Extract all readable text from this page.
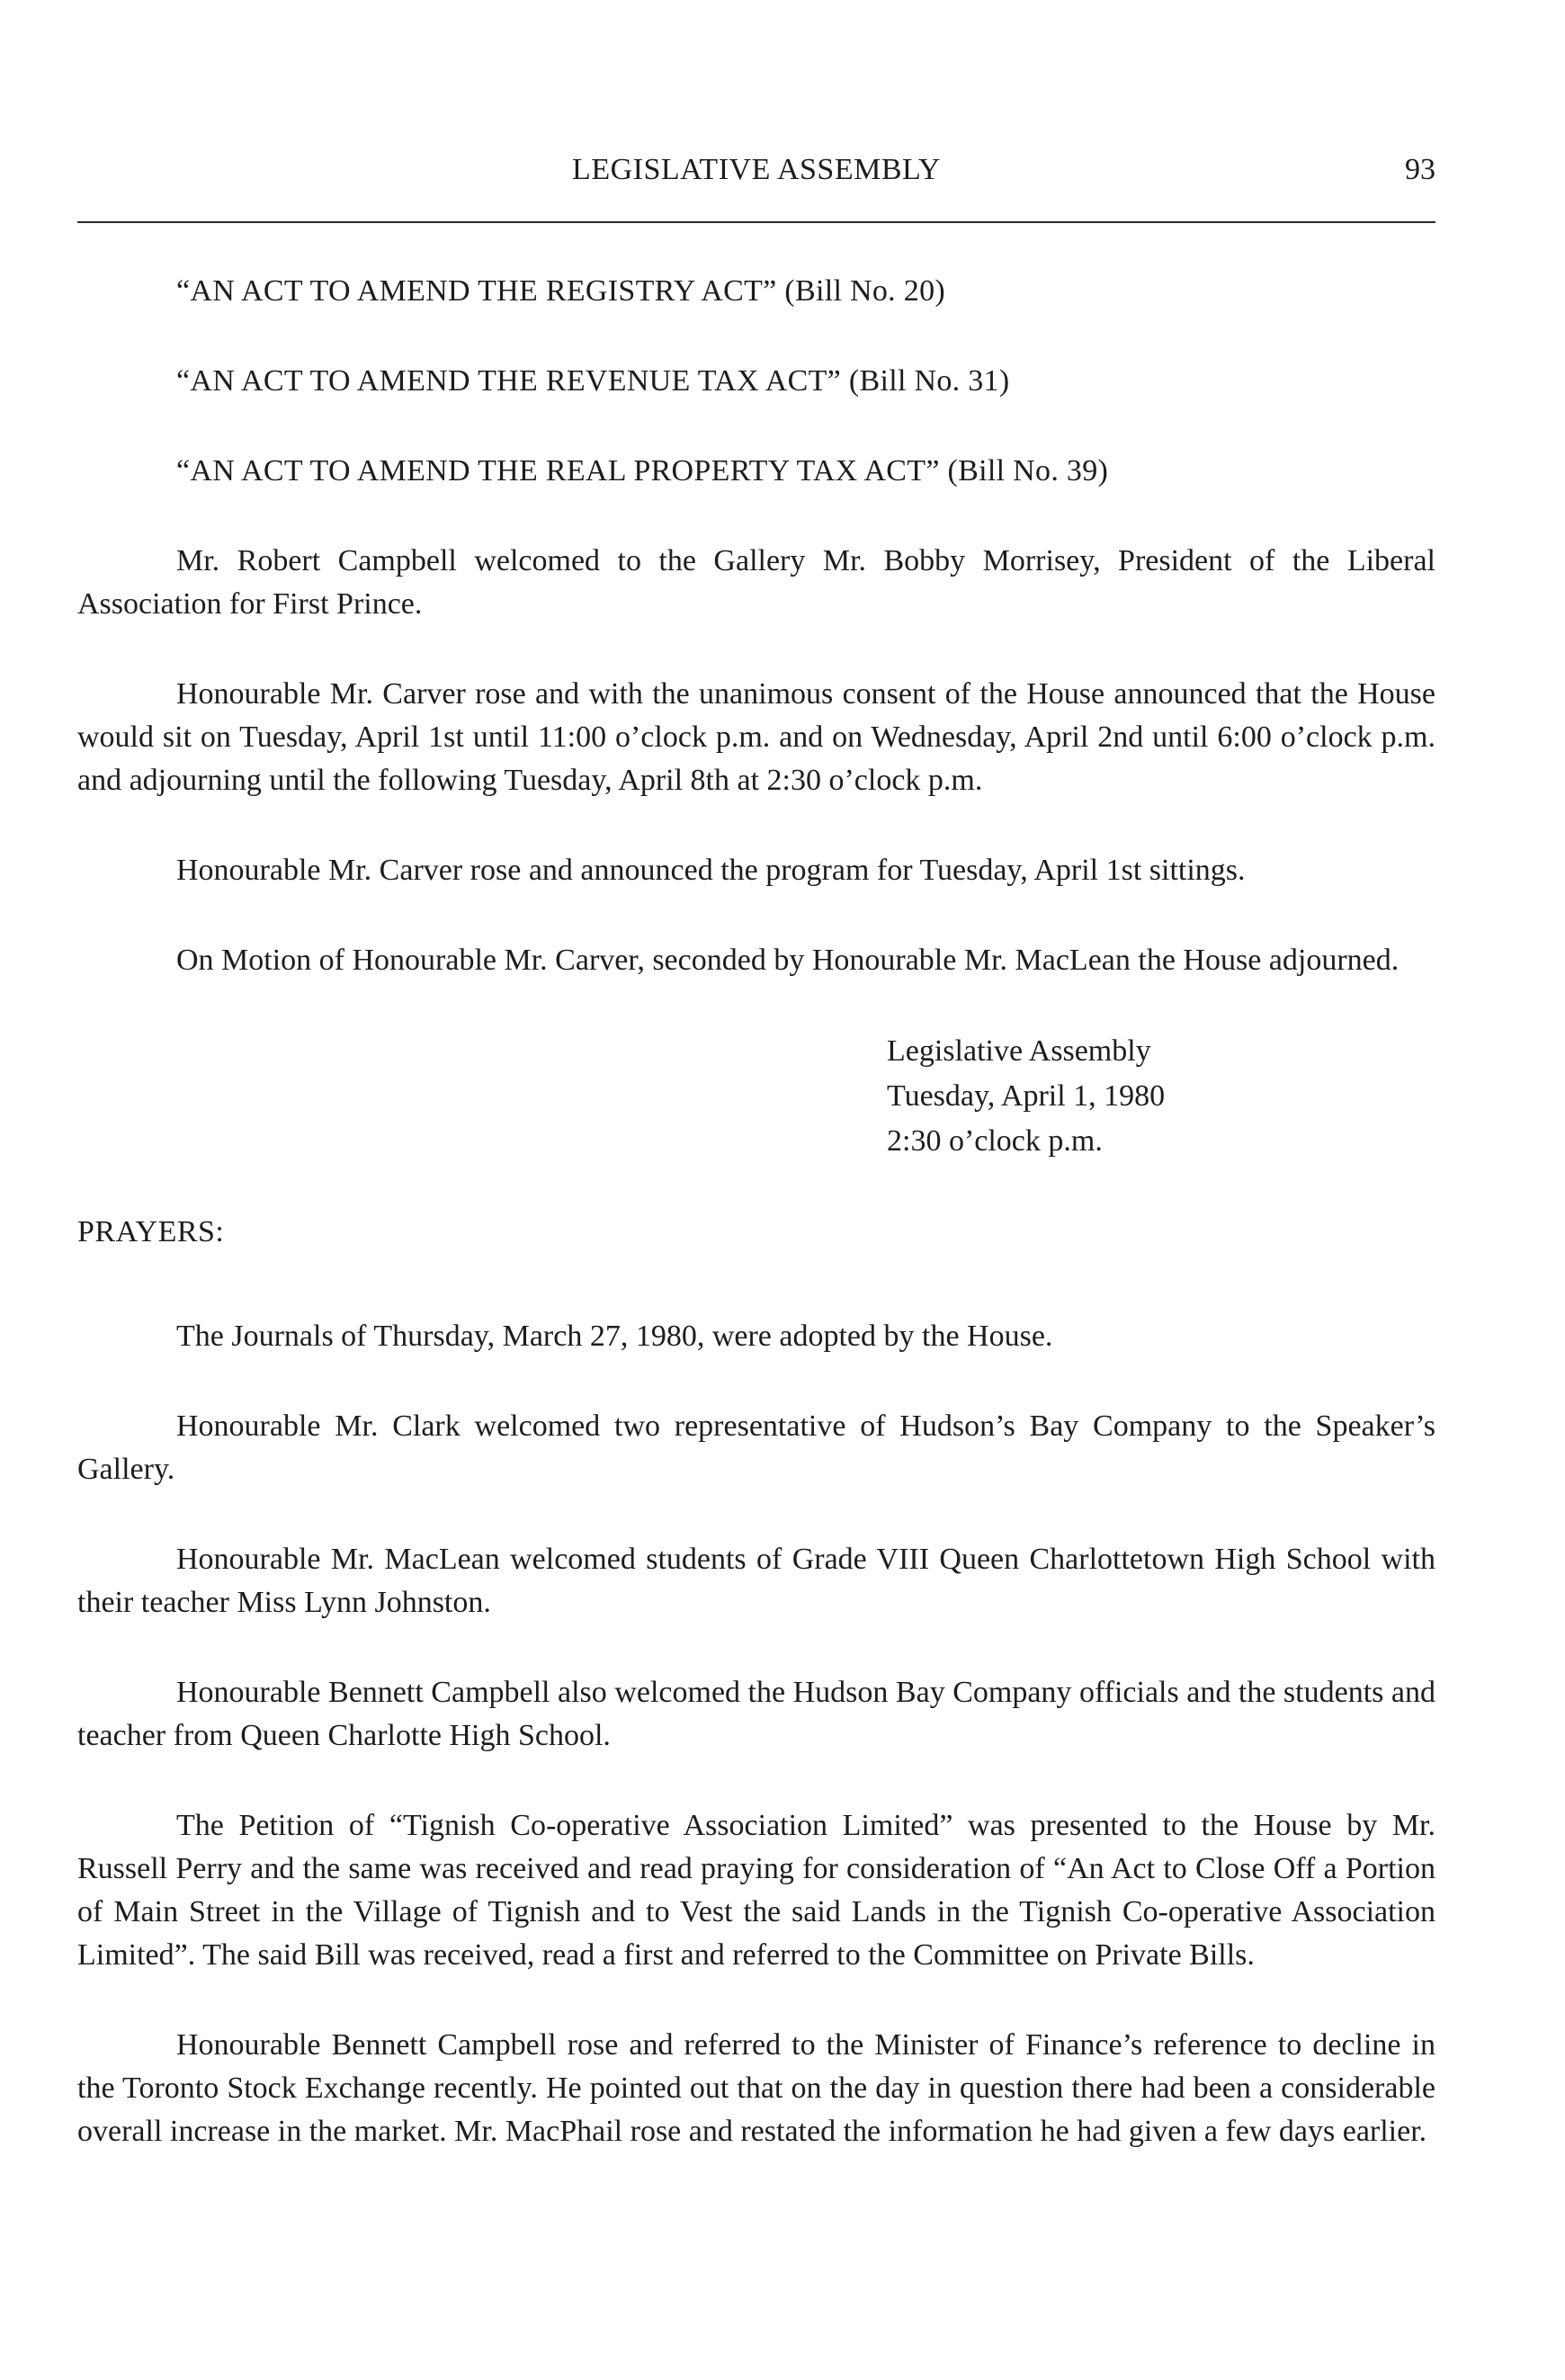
LEGISLATIVE ASSEMBLY	93
“AN ACT TO AMEND THE REGISTRY ACT” (Bill No. 20)
“AN ACT TO AMEND THE REVENUE TAX ACT” (Bill No. 31)
“AN ACT TO AMEND THE REAL PROPERTY TAX ACT” (Bill No. 39)

Mr. Robert Campbell welcomed to the Gallery Mr. Bobby Morrisey, President of the Liberal Association for First Prince.

Honourable Mr. Carver rose and with the unanimous consent of the House announced that the House would sit on Tuesday, April 1st until 11:00 o’clock p.m. and on Wednesday, April 2nd until 6:00 o’clock p.m. and adjourning until the following Tuesday, April 8th at 2:30 o’clock p.m.

Honourable Mr. Carver rose and announced the program for Tuesday, April 1st sittings.

On Motion of Honourable Mr. Carver, seconded by Honourable Mr. MacLean the House adjourned.

Legislative Assembly
Tuesday, April 1, 1980
2:30 o’clock p.m.
PRAYERS:

The Journals of Thursday, March 27, 1980, were adopted by the House.

Honourable Mr. Clark welcomed two representative of Hudson’s Bay Company to the Speaker’s Gallery.

Honourable Mr. MacLean welcomed students of Grade VIII Queen Charlottetown High School with their teacher Miss Lynn Johnston.

Honourable Bennett Campbell also welcomed the Hudson Bay Company officials and the students and teacher from Queen Charlotte High School.

The Petition of “Tignish Co-operative Association Limited” was presented to the House by Mr. Russell Perry and the same was received and read praying for consideration of “An Act to Close Off a Portion of Main Street in the Village of Tignish and to Vest the said Lands in the Tignish Co-operative Association Limited”. The said Bill was received, read a first and referred to the Committee on Private Bills.

Honourable Bennett Campbell rose and referred to the Minister of Finance’s reference to decline in the Toronto Stock Exchange recently. He pointed out that on the day in question there had been a considerable overall increase in the market. Mr. MacPhail rose and restated the information he had given a few days earlier.
